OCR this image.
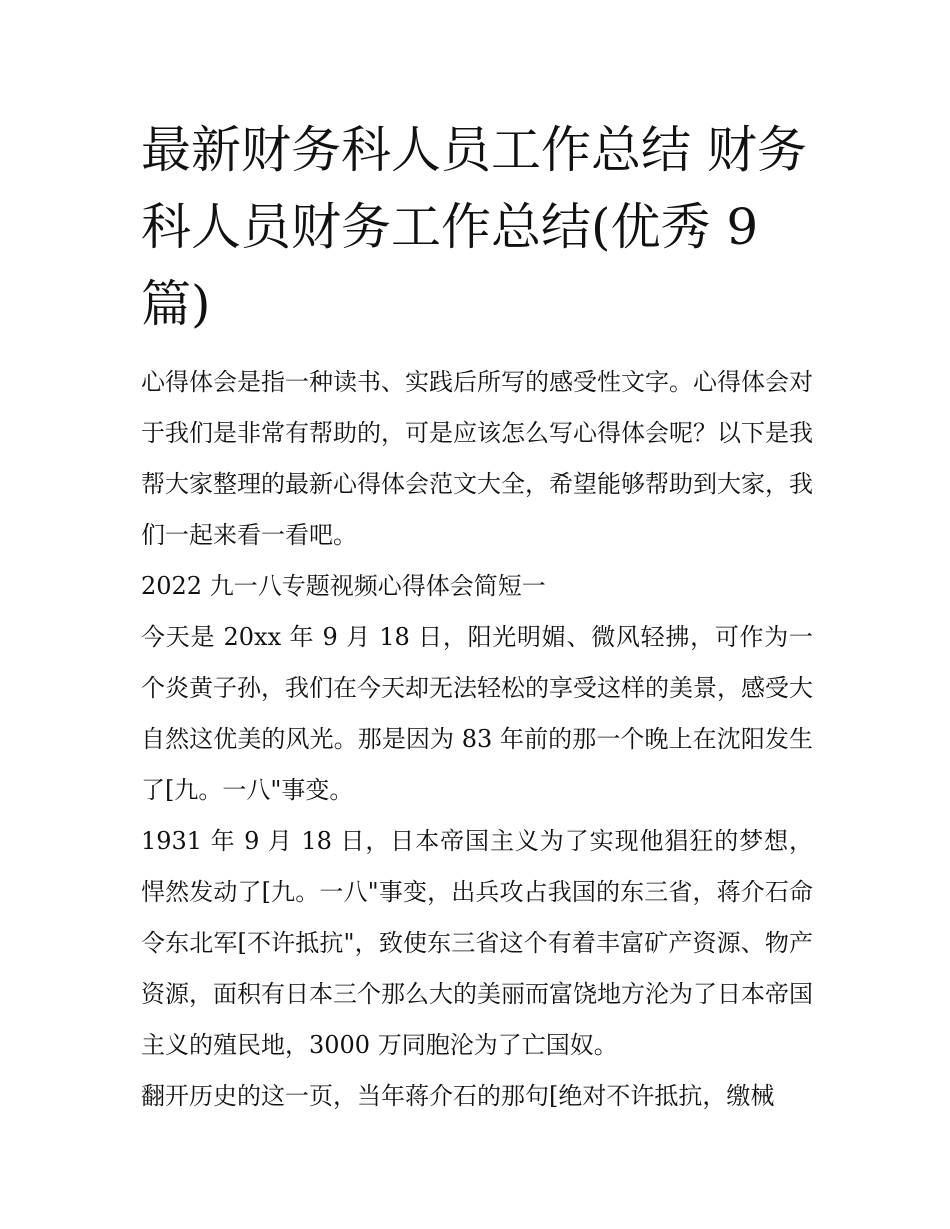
最新财务科人员工作总结 财务科人员财务工作总结(优秀 9 篇)

心得体会是指一种读书、实践后所写的感受性文字。心得体会对于我们是非常有帮助的，可是应该怎么写心得体会呢？以下是我帮大家整理的最新心得体会范文大全，希望能够帮助到大家，我们一起来看一看吧。

2022 九一八专题视频心得体会简短一

今天是 20xx 年 9 月 18 日，阳光明媚、微风轻拂，可作为一个炎黄子孙，我们在今天却无法轻松的享受这样的美景，感受大自然这优美的风光。那是因为 83 年前的那一个晚上在沈阳发生了[九。一八"事变。

1931 年 9 月 18 日，日本帝国主义为了实现他猖狂的梦想，悍然发动了[九。一八"事变，出兵攻占我国的东三省，蒋介石命令东北军[不许抵抗"，致使东三省这个有着丰富矿产资源、物产资源，面积有日本三个那么大的美丽而富饶地方沦为了日本帝国主义的殖民地，3000 万同胞沦为了亡国奴。

翻开历史的这一页，当年蒋介石的那句[绝对不许抵抗，缴械
